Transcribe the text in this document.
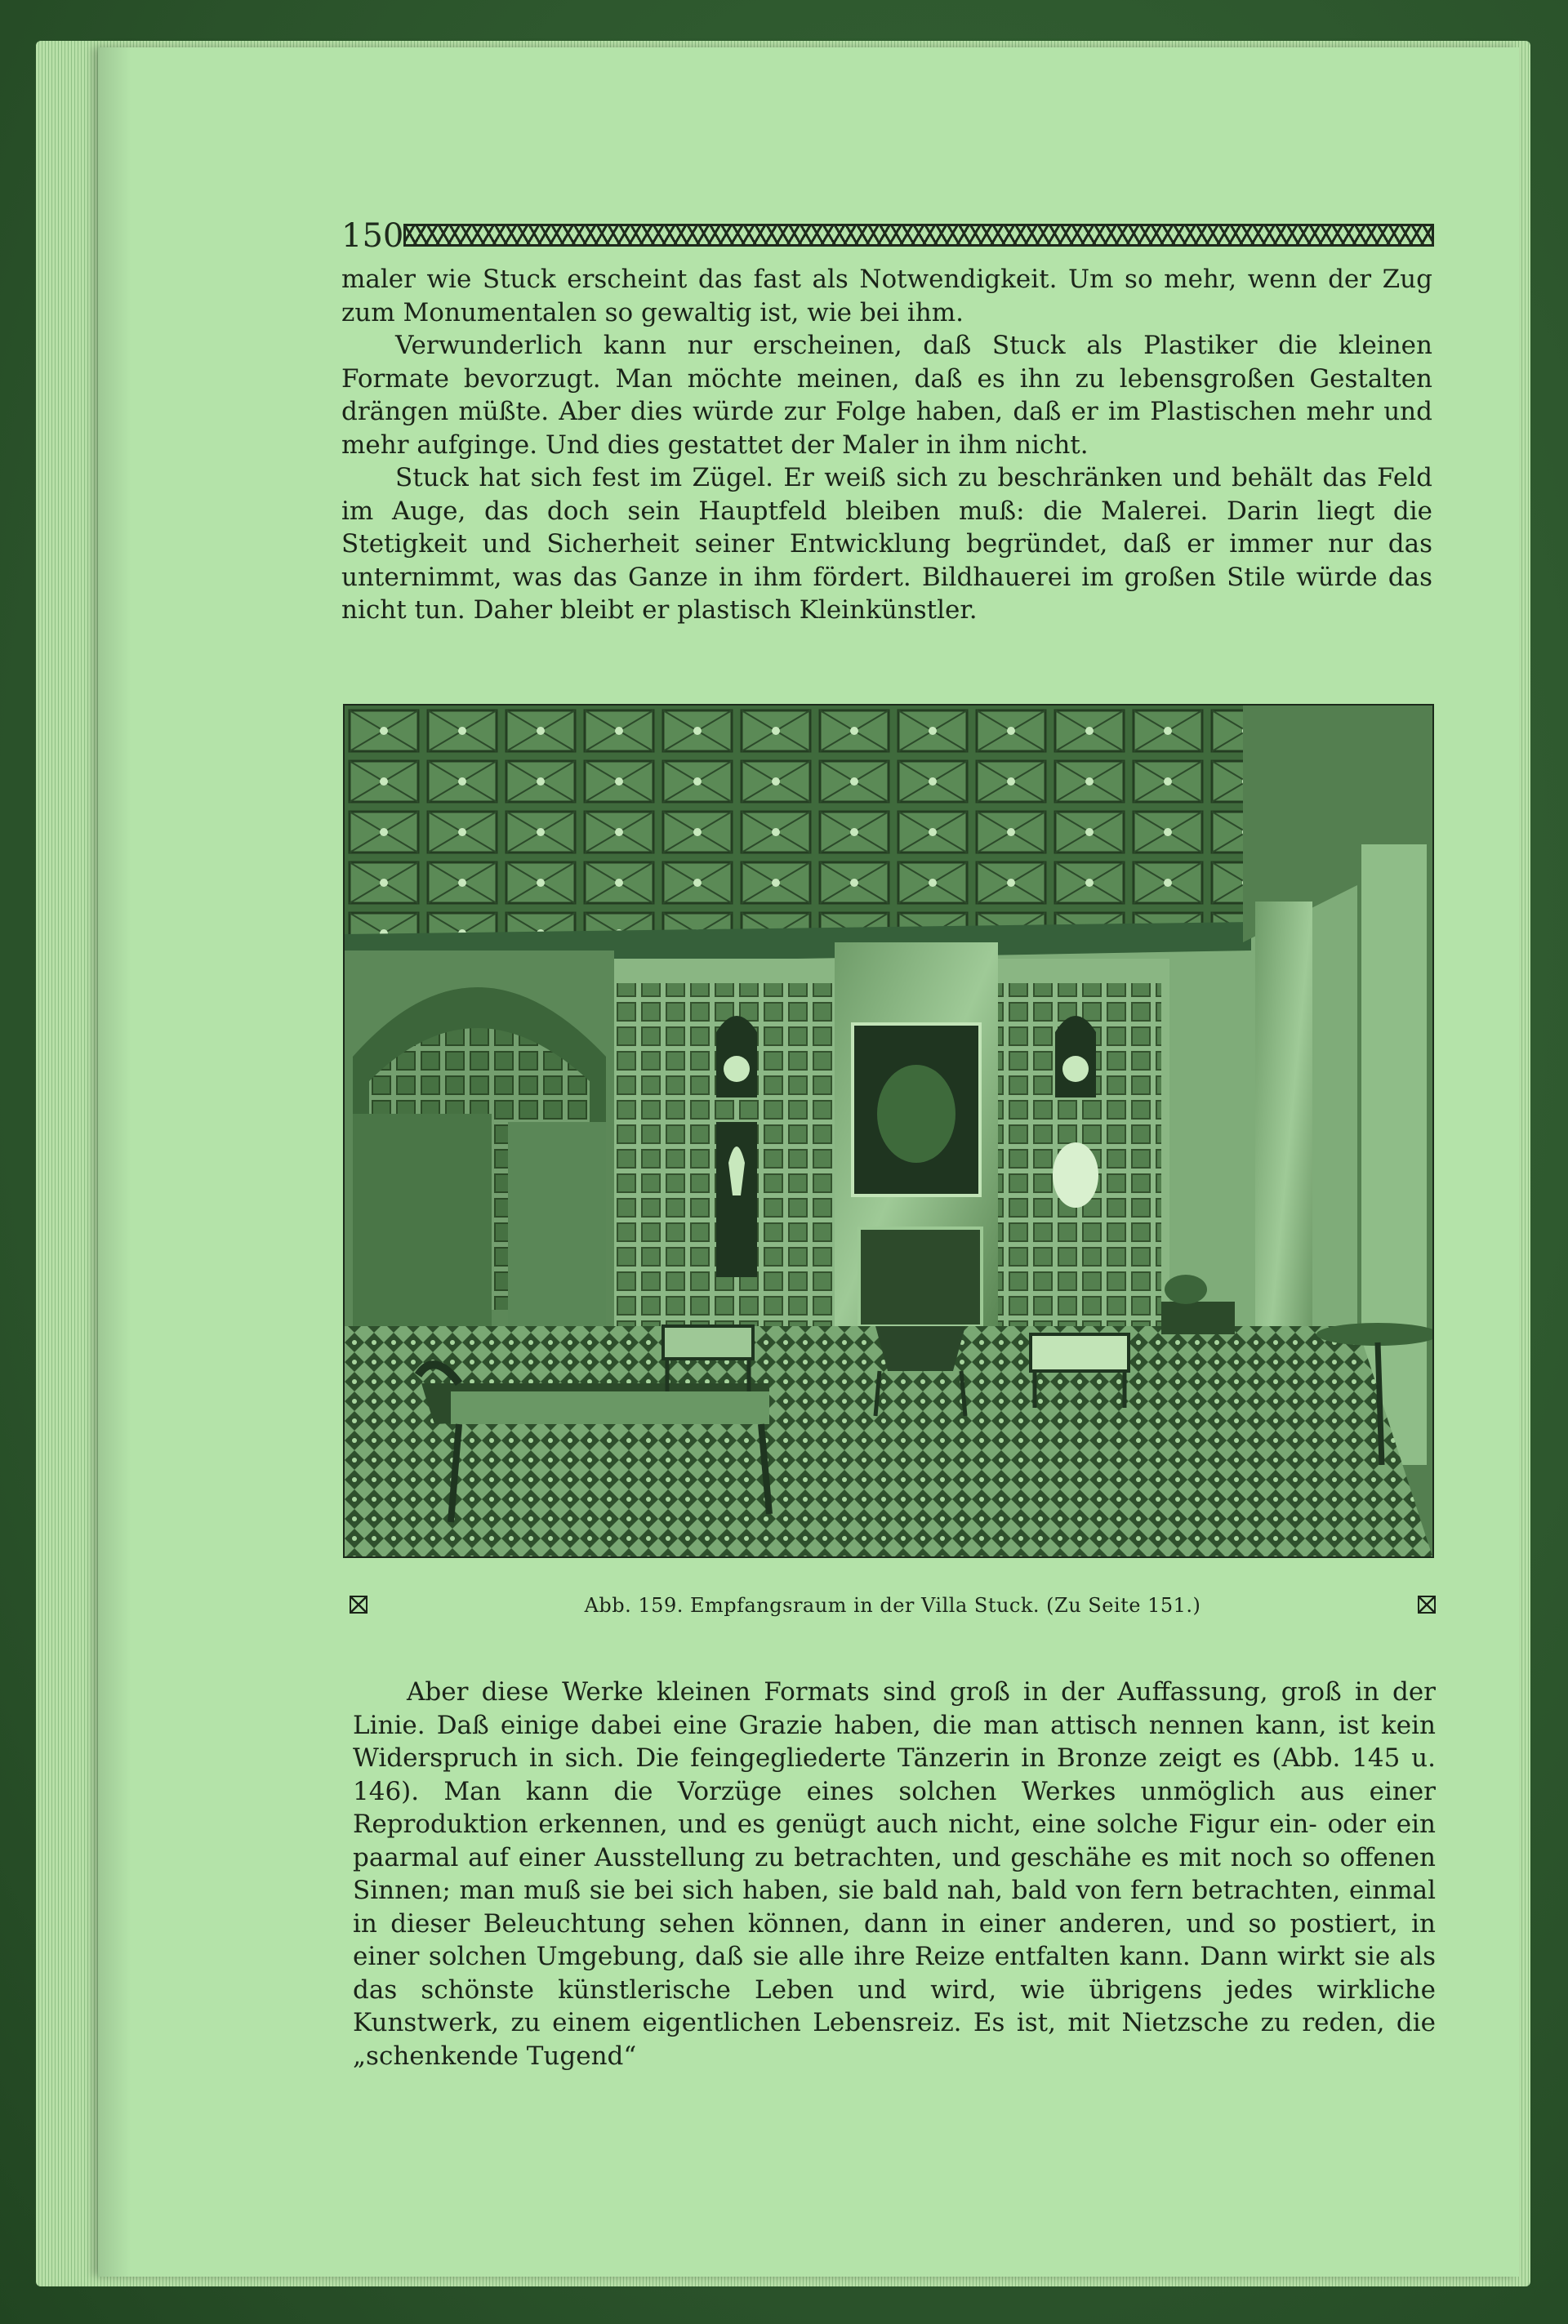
150

maler wie Stuck erscheint das fast als Notwendigkeit. Um so mehr, wenn der Zug zum Monumentalen so gewaltig ist, wie bei ihm.

Verwunderlich kann nur erscheinen, daß Stuck als Plastiker die kleinen Formate bevorzugt. Man möchte meinen, daß es ihn zu lebensgroßen Gestalten drängen müßte. Aber dies würde zur Folge haben, daß er im Plastischen mehr und mehr aufginge. Und dies gestattet der Maler in ihm nicht.

Stuck hat sich fest im Zügel. Er weiß sich zu beschränken und behält das Feld im Auge, das doch sein Hauptfeld bleiben muß: die Malerei. Darin liegt die Stetigkeit und Sicherheit seiner Entwicklung begründet, daß er immer nur das unternimmt, was das Ganze in ihm fördert. Bildhauerei im großen Stile würde das nicht tun. Daher bleibt er plastisch Kleinkünstler.

Abb. 159. Empfangsraum in der Villa Stuck. (Zu Seite 151.)

Aber diese Werke kleinen Formats sind groß in der Auffassung, groß in der Linie. Daß einige dabei eine Grazie haben, die man attisch nennen kann, ist kein Widerspruch in sich. Die feingegliederte Tänzerin in Bronze zeigt es (Abb. 145 u. 146). Man kann die Vorzüge eines solchen Werkes unmöglich aus einer Reproduktion erkennen, und es genügt auch nicht, eine solche Figur ein- oder ein paarmal auf einer Ausstellung zu betrachten, und geschähe es mit noch so offenen Sinnen; man muß sie bei sich haben, sie bald nah, bald von fern betrachten, einmal in dieser Beleuchtung sehen können, dann in einer anderen, und so postiert, in einer solchen Umgebung, daß sie alle ihre Reize entfalten kann. Dann wirkt sie als das schönste künstlerische Leben und wird, wie übrigens jedes wirkliche Kunstwerk, zu einem eigentlichen Lebensreiz. Es ist, mit Nietzsche zu reden, die „schenkende Tugend“
